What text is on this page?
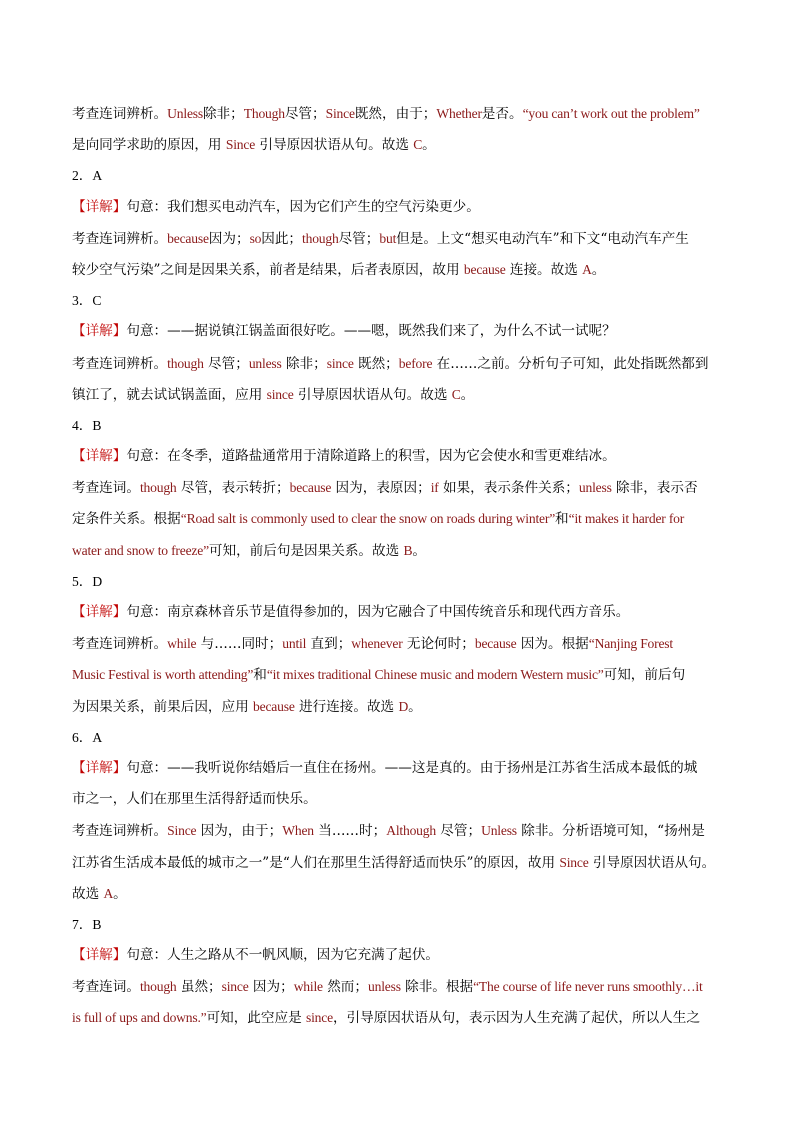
考查连词辨析。Unless除非；Though尽管；Since既然，由于；Whether是否。“you can’t work out the problem”
是向同学求助的原因，用 Since 引导原因状语从句。故选 C。
2．A
【详解】句意：我们想买电动汽车，因为它们产生的空气污染更少。
考查连词辨析。because因为；so因此；though尽管；but但是。上文“想买电动汽车”和下文“电动汽车产生
较少空气污染”之间是因果关系，前者是结果，后者表原因，故用 because 连接。故选 A。
3．C
【详解】句意：——据说镇江锅盖面很好吃。——嗯，既然我们来了，为什么不试一试呢？
考查连词辨析。though 尽管；unless 除非；since 既然；before 在……之前。分析句子可知，此处指既然都到
镇江了，就去试试锅盖面，应用 since 引导原因状语从句。故选 C。
4．B
【详解】句意：在冬季，道路盐通常用于清除道路上的积雪，因为它会使水和雪更难结冰。
考查连词。though 尽管，表示转折；because 因为，表原因；if 如果，表示条件关系；unless 除非，表示否
定条件关系。根据“Road salt is commonly used to clear the snow on roads during winter”和“it makes it harder for
water and snow to freeze”可知，前后句是因果关系。故选 B。
5．D
【详解】句意：南京森林音乐节是值得参加的，因为它融合了中国传统音乐和现代西方音乐。
考查连词辨析。while 与……同时；until 直到；whenever 无论何时；because 因为。根据“Nanjing Forest
Music Festival is worth attending”和“it mixes traditional Chinese music and modern Western music”可知，前后句
为因果关系，前果后因，应用 because 进行连接。故选 D。
6．A
【详解】句意：——我听说你结婚后一直住在扬州。——这是真的。由于扬州是江苏省生活成本最低的城
市之一，人们在那里生活得舒适而快乐。
考查连词辨析。Since 因为，由于；When 当……时；Although 尽管；Unless 除非。分析语境可知，“扬州是
江苏省生活成本最低的城市之一”是“人们在那里生活得舒适而快乐”的原因，故用 Since 引导原因状语从句。
故选 A。
7．B
【详解】句意：人生之路从不一帆风顺，因为它充满了起伏。
考查连词。though 虽然；since 因为；while 然而；unless 除非。根据“The course of life never runs smoothly…it
is full of ups and downs.”可知，此空应是 since，引导原因状语从句，表示因为人生充满了起伏，所以人生之
